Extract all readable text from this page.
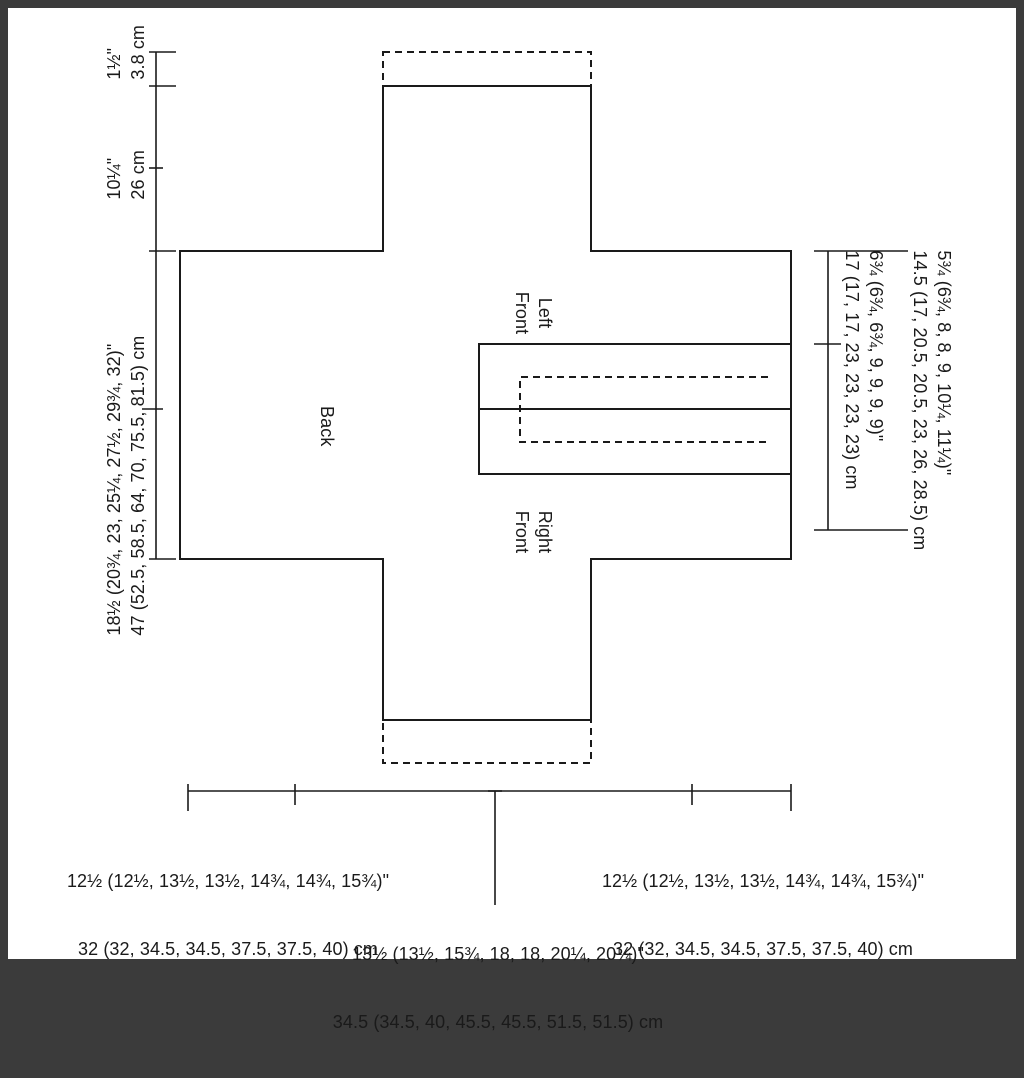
Back
Left
Front
Right
Front

1½"
3.8 cm

10¼"
26 cm

18½ (20¾, 23, 25¼, 27½, 29¾, 32)"
47 (52.5, 58.5, 64, 70, 75.5, 81.5) cm
	5¾ (6¾, 8, 8, 9, 10¼, 11¼)"

14.5 (17, 20.5, 20.5, 23, 26, 28.5) cm

6¾ (6¾, 6¾, 9, 9, 9, 9)"

17 (17, 17, 23, 23, 23, 23) cm

12½ (12½, 13½, 13½, 14¾, 14¾, 15¾)"

32 (32, 34.5, 34.5, 37.5, 37.5, 40) cm

12½ (12½, 13½, 13½, 14¾, 14¾, 15¾)"

32 (32, 34.5, 34.5, 37.5, 37.5, 40) cm

13½ (13½, 15¾, 18, 18, 20¼, 20¼)"

34.5 (34.5, 40, 45.5, 45.5, 51.5, 51.5) cm
